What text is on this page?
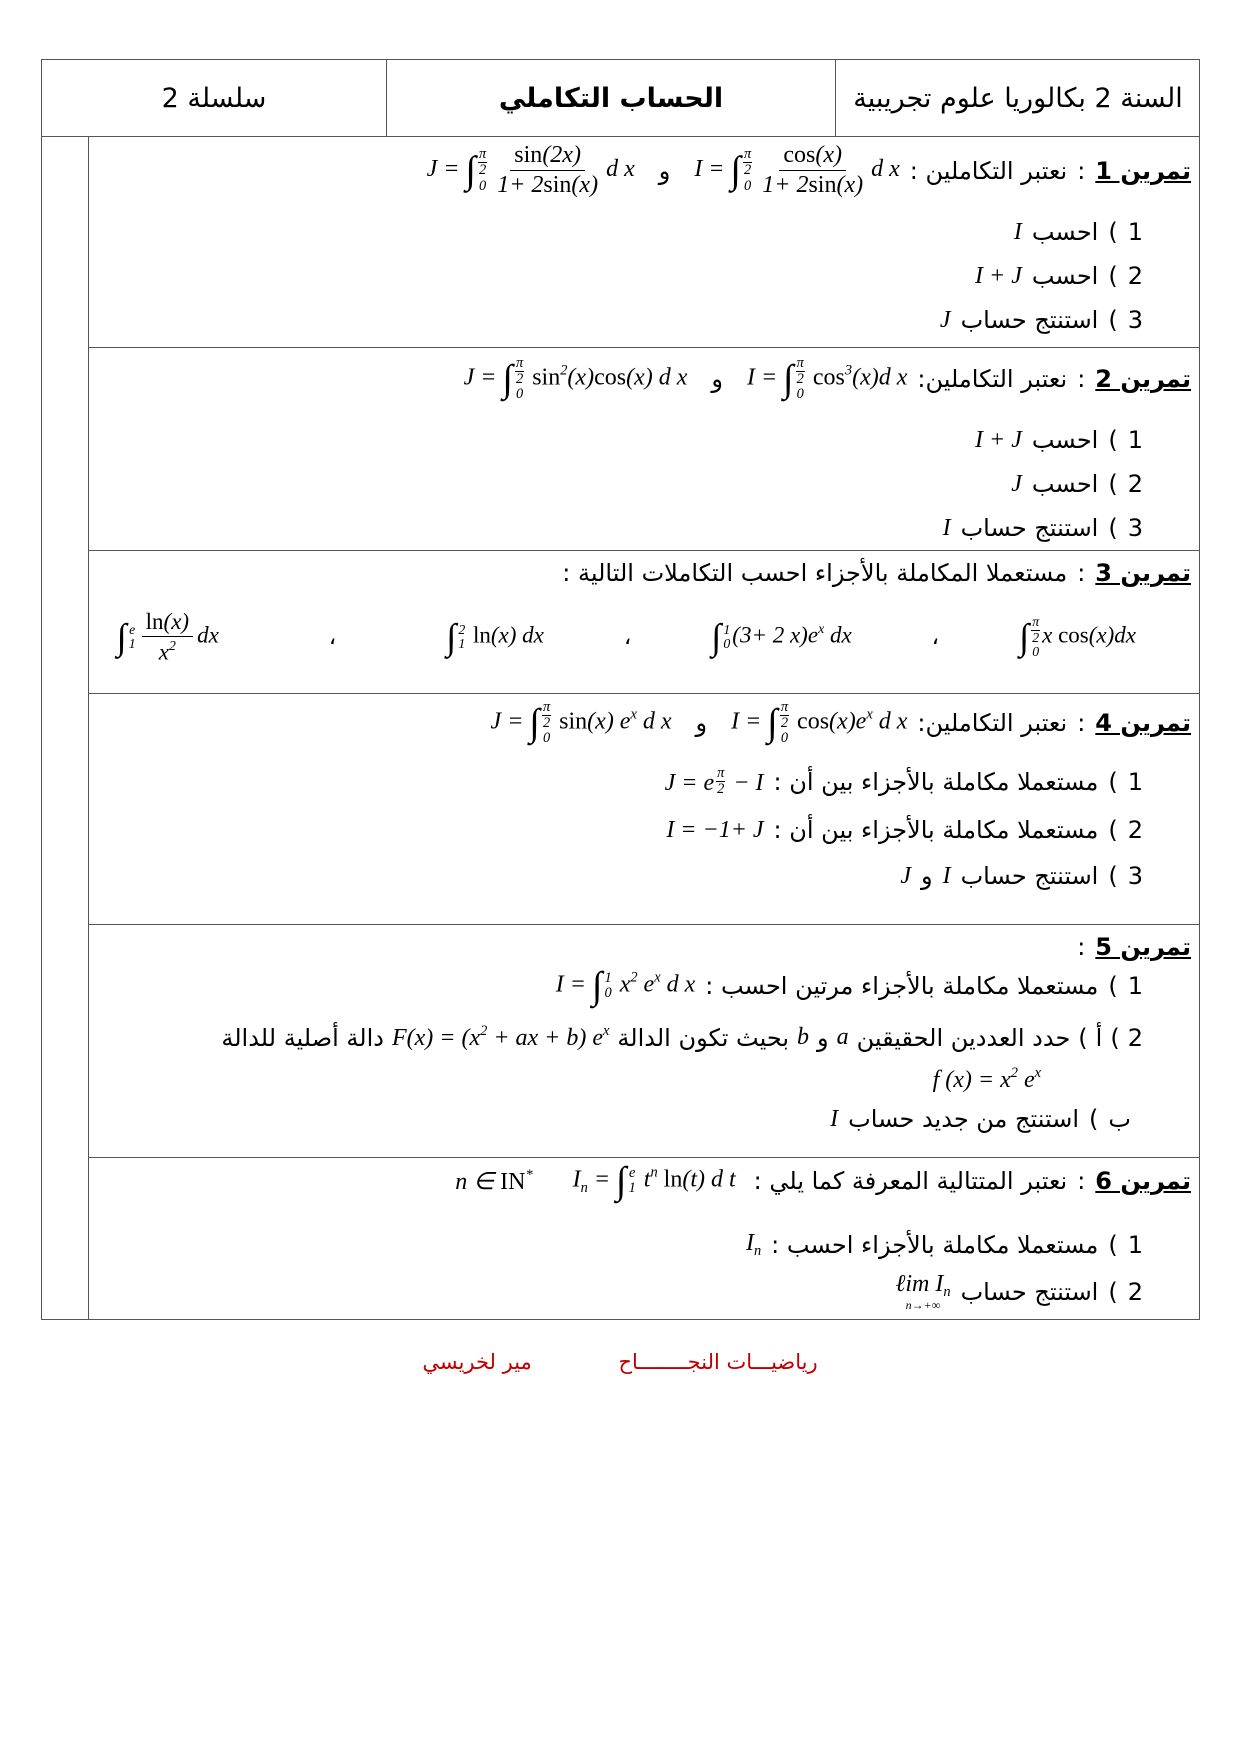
السنة 2 بكالوريا علوم تجريبية
الحساب التكاملي
سلسلة 2
تمرين 1
:
نعتبر التكاملين :
I = ∫ π
2
$0 \frac{\cos(x)}{1+ 2\sin(x)}$ d x
و
J = ∫ π
2
$0 \frac{\sin(2x)}{1+ 2\sin(x)}$ d x
1
)
احسب
I
2
)
احسب
I + J
3
)
استنتج حساب
J
تمرين 2
:
نعتبر التكاملين:
I = ∫ π
2
0
$\cos^3(x)d$ x
و
J = ∫ π
2
0
$\sin^2(x)\cos(x)$ d x
1
)
احسب
I + J
2
)
احسب
J
3
)
استنتج حساب
I
تمرين 3
:
مستعملا المكاملة بالأجزاء احسب التكاملات التالية :
∫ π
2
0
x cos(x)dx
،
∫ 1
0 (3+ 2 $x)e^x$ dx
،
∫ 2
1 ln(x) dx
،
∫ e
$1 \frac{\ln(x)}{x^2}$ dx
تمرين 4
:
نعتبر التكاملين:
I = ∫ π
2
0
$\cos(x)e^x$ d x
و
J = ∫ π
2
0
sin(x) $e^x$ d x
1
)
مستعملا مكاملة بالأجزاء بين أن :
J = e π
2 − I
2
)
مستعملا مكاملة بالأجزاء بين أن :
I = −1+ J
3
)
استنتج حساب
I
و
J
تمرين 5
:
1
)
مستعملا مكاملة بالأجزاء مرتين احسب :
I = ∫ 1
0 $x^2$ $e^x$ d x
2
)
أ
)
حدد العددين الحقيقين
a
و
b
بحيث تكون الدالة
$F(x) = (x^2$ + ax + b) $e^x$
دالة أصلية للدالة
f $(x) = x^2$ $e^x$
ب
)
استنتج من جديد حساب
I
تمرين 6
:
نعتبر المتتالية المعرفة كما يلي :
$I_n$ = ∫ e
1 $t^n$ ln(t) d t
n ∈ IN*
1
)
مستعملا مكاملة بالأجزاء احسب :
$I_n$
2
)
استنتج حساب
ℓim $I_n$
n→+∞
رياضيـــات النجــــــــاح مير لخريسي
